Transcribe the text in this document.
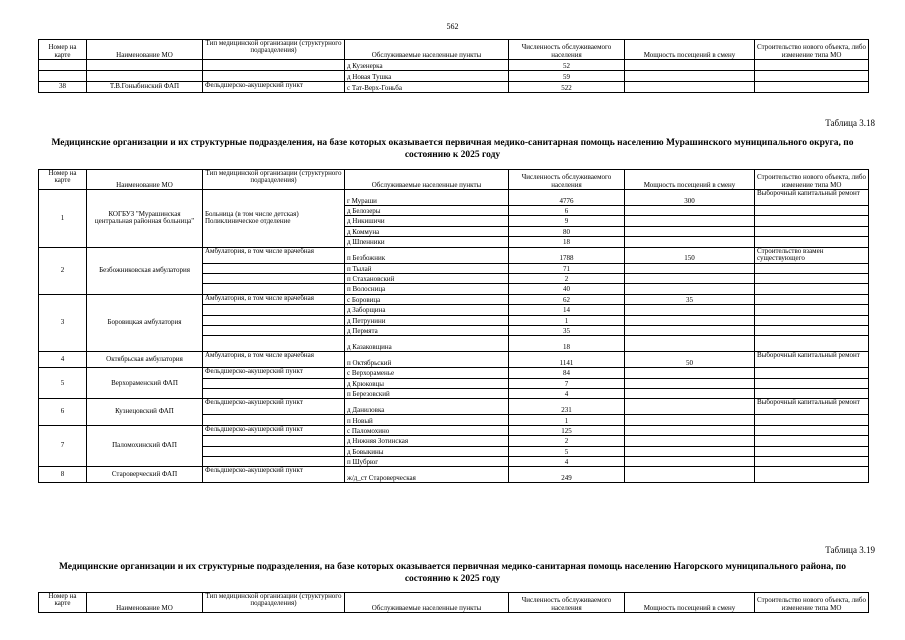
562
Номер на карте	Наименование МО	Тип медицинской организации (структурного подразделения)	Обслуживаемые населенные пункты	Численность обслуживаемого населения	Мощность посещений в смену	Строительство нового объекта, либо изменение типа МО
			д Кузенерка	52		
			д Новая Тушка	59		
38	Т.В.Гоныбинский ФАП	Фельдшерско-акушерский пункт	с Тат-Верх-Гоньба	522		
Таблица 3.18
Медицинские организации и их структурные подразделения, на базе которых оказывается первичная медико-санитарная помощь населению Мурашинского муниципального округа, по состоянию к 2025 году
Номер на карте	Наименование МО	Тип медицинской организации (структурного подразделения)	Обслуживаемые населенные пункты	Численность обслуживаемого населения	Мощность посещений в смену	Строительство нового объекта, либо изменение типа МО
1	КОГБУЗ "Мурашинская центральная районная больница"	Больница (в том числе детская) Поликлиническое отделение	г Мураши	4776	300	Выборочный капитальный ремонт
			д Белозеры	6		
			д Никишичи	9		
			д Коммуна	80		
			д Шпенники	18		
2	Безбожниковская амбулатория	Амбулатория, в том числе врачебная	п Безбожник	1788	150	Строительство взамен существующего
			п Тылай	71		
			п Стахановский	2		
			п Волосница	40		
3	Боровицкая амбулатория	Амбулатория, в том числе врачебная	с Боровица	62	35	
			д Заборщина	14		
			д Петрунини	1		
			д Пермята	35		
			д Казаковщина	18		
4	Октябрьская амбулатория	Амбулатория, в том числе врачебная	п Октябрьский	1141	50	Выборочный капитальный ремонт
5	Верхораменский ФАП	Фельдшерско-акушерский пункт	с Верхораменье	84		
			д Крюковцы	7		
			п Березовский	4		
6	Кузнецовский ФАП	Фельдшерско-акушерский пункт	д Даниловка	231		Выборочный капитальный ремонт
			п Новый	1		
7	Паломохинский ФАП	Фельдшерско-акушерский пункт	с Паломохино	125		
			д Нижняя Зотинская	2		
			д Бовыкины	5		
			п Шубрюг	4		
8	Староверческий ФАП	Фельдшерско-акушерский пункт	ж/д_ст Староверческая	249		
Таблица 3.19
Медицинские организации и их структурные подразделения, на базе которых оказывается первичная медико-санитарная помощь населению Нагорского муниципального района, по состоянию к 2025 году
Номер на карте	Наименование МО	Тип медицинской организации (структурного подразделения)	Обслуживаемые населенные пункты	Численность обслуживаемого населения	Мощность посещений в смену	Строительство нового объекта, либо изменение типа МО
